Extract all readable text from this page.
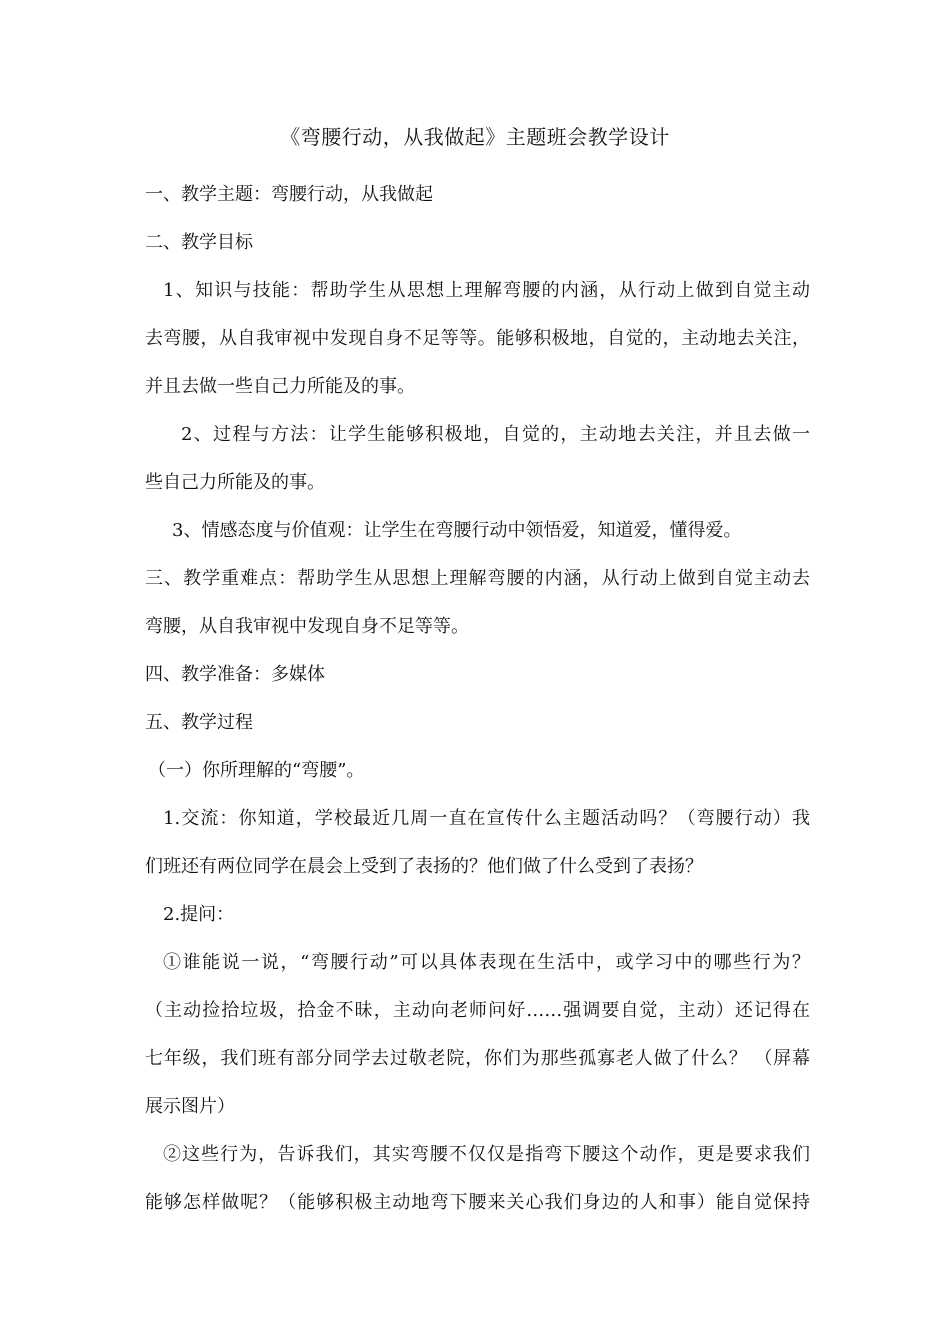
《弯腰行动，从我做起》主题班会教学设计
一、教学主题：弯腰行动，从我做起
二、教学目标
1、知识与技能：帮助学生从思想上理解弯腰的内涵，从行动上做到自觉主动
去弯腰，从自我审视中发现自身不足等等。能够积极地，自觉的，主动地去关注，
并且去做一些自己力所能及的事。
2、过程与方法：让学生能够积极地，自觉的，主动地去关注，并且去做一
些自己力所能及的事。
3、情感态度与价值观：让学生在弯腰行动中领悟爱，知道爱，懂得爱。
三、教学重难点：帮助学生从思想上理解弯腰的内涵，从行动上做到自觉主动去
弯腰，从自我审视中发现自身不足等等。
四、教学准备：多媒体
五、教学过程
（一）你所理解的“弯腰”。
1.交流：你知道，学校最近几周一直在宣传什么主题活动吗？（弯腰行动）我
们班还有两位同学在晨会上受到了表扬的？他们做了什么受到了表扬？
2.提问：
①谁能说一说，“弯腰行动”可以具体表现在生活中，或学习中的哪些行为？
（主动捡拾垃圾，拾金不昧，主动向老师问好……强调要自觉，主动）还记得在
七年级，我们班有部分同学去过敬老院，你们为那些孤寡老人做了什么？ （屏幕
展示图片）
②这些行为，告诉我们，其实弯腰不仅仅是指弯下腰这个动作，更是要求我们
能够怎样做呢？（能够积极主动地弯下腰来关心我们身边的人和事）能自觉保持
